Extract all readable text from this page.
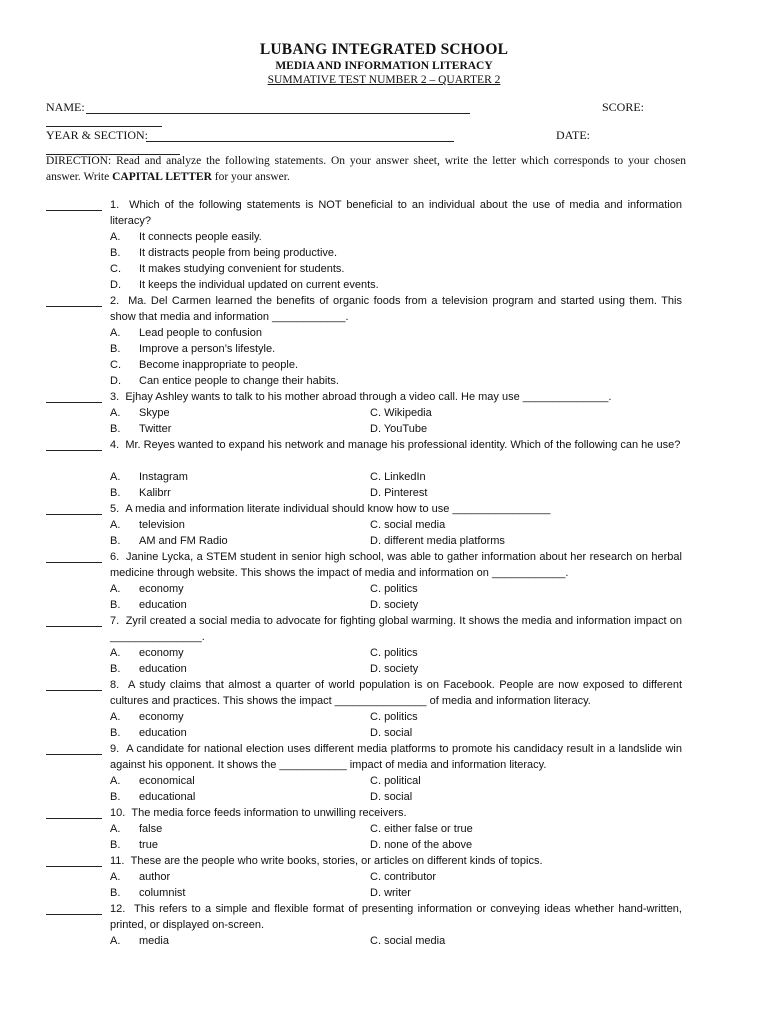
LUBANG INTEGRATED SCHOOL
MEDIA AND INFORMATION LITERACY
SUMMATIVE TEST NUMBER 2 – QUARTER 2
NAME:	SCORE:
YEAR & SECTION:	DATE:
DIRECTION: Read and analyze the following statements. On your answer sheet, write the letter which corresponds to your chosen answer. Write CAPITAL LETTER for your answer.
1. Which of the following statements is NOT beneficial to an individual about the use of media and information literacy?
A. It connects people easily.
B. It distracts people from being productive.
C. It makes studying convenient for students.
D. It keeps the individual updated on current events.
2. Ma. Del Carmen learned the benefits of organic foods from a television program and started using them. This show that media and information ____________.
A. Lead people to confusion
B. Improve a person’s lifestyle.
C. Become inappropriate to people.
D. Can entice people to change their habits.
3. Ejhay Ashley wants to talk to his mother abroad through a video call. He may use ______________.
A. Skype	C. Wikipedia
B. Twitter	D. YouTube
4. Mr. Reyes wanted to expand his network and manage his professional identity. Which of the following can he use?
A. Instagram	C. LinkedIn
B. Kalibrr	D. Pinterest
5. A media and information literate individual should know how to use ________________
A. television	C. social media
B. AM and FM Radio	D. different media platforms
6. Janine Lycka, a STEM student in senior high school, was able to gather information about her research on herbal medicine through website. This shows the impact of media and information on ____________.
A. economy	C. politics
B. education	D. society
7. Zyril created a social media to advocate for fighting global warming. It shows the media and information impact on _______________.
A. economy	C. politics
B. education	D. society
8. A study claims that almost a quarter of world population is on Facebook. People are now exposed to different cultures and practices. This shows the impact _______________ of media and information literacy.
A. economy	C. politics
B. education	D. social
9. A candidate for national election uses different media platforms to promote his candidacy result in a landslide win against his opponent. It shows the ___________ impact of media and information literacy.
A. economical	C. political
B. educational	D. social
10. The media force feeds information to unwilling receivers.
A. false	C. either false or true
B. true	D. none of the above
11. These are the people who write books, stories, or articles on different kinds of topics.
A. author	C. contributor
B. columnist	D. writer
12. This refers to a simple and flexible format of presenting information or conveying ideas whether hand-written, printed, or displayed on-screen.
A. media	C. social media
